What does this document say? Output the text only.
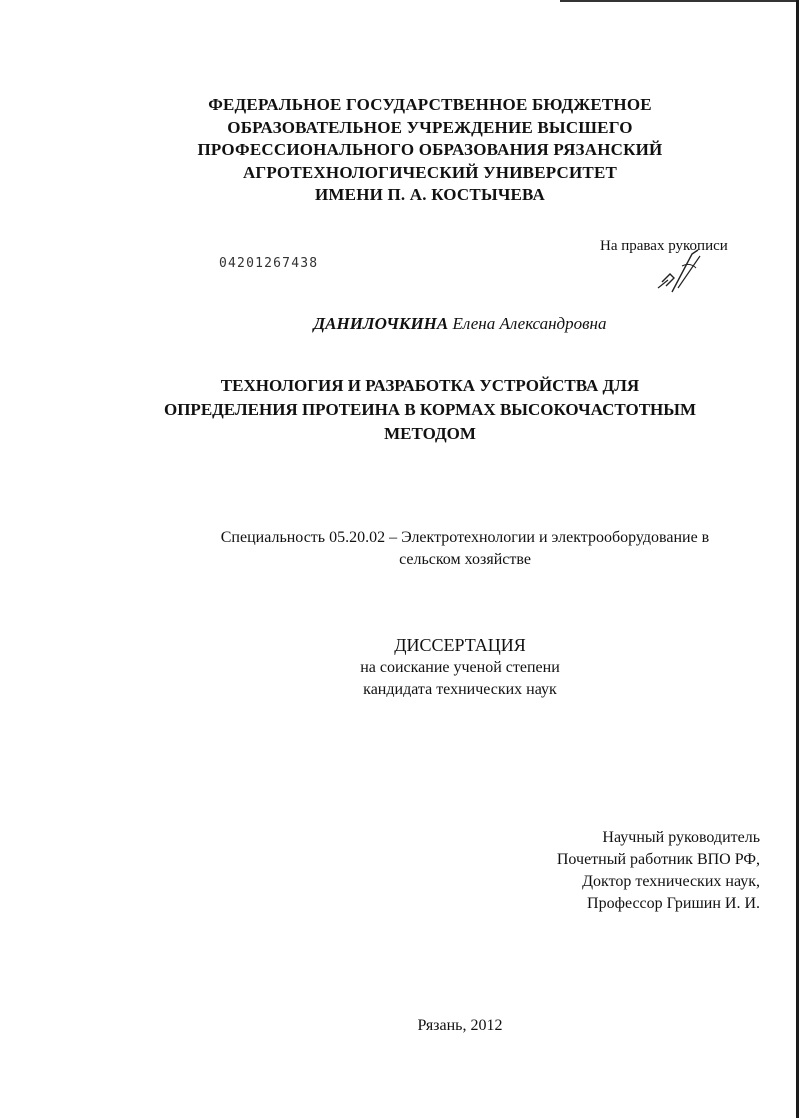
ФЕДЕРАЛЬНОЕ ГОСУДАРСТВЕННОЕ БЮДЖЕТНОЕ
ОБРАЗОВАТЕЛЬНОЕ УЧРЕЖДЕНИЕ ВЫСШЕГО
ПРОФЕССИОНАЛЬНОГО ОБРАЗОВАНИЯ РЯЗАНСКИЙ
АГРОТЕХНОЛОГИЧЕСКИЙ УНИВЕРСИТЕТ
ИМЕНИ П. А. КОСТЫЧЕВА
На правах рукописи
04201267438
ДАНИЛОЧКИНА Елена Александровна
ТЕХНОЛОГИЯ И РАЗРАБОТКА УСТРОЙСТВА ДЛЯ
ОПРЕДЕЛЕНИЯ ПРОТЕИНА В КОРМАХ ВЫСОКОЧАСТОТНЫМ
МЕТОДОМ
Специальность 05.20.02 – Электротехнологии и электрооборудование в
сельском хозяйстве
ДИССЕРТАЦИЯ
на соискание ученой степени
кандидата технических наук
Научный руководитель
Почетный работник ВПО РФ,
Доктор технических наук,
Профессор Гришин И. И.
Рязань, 2012
